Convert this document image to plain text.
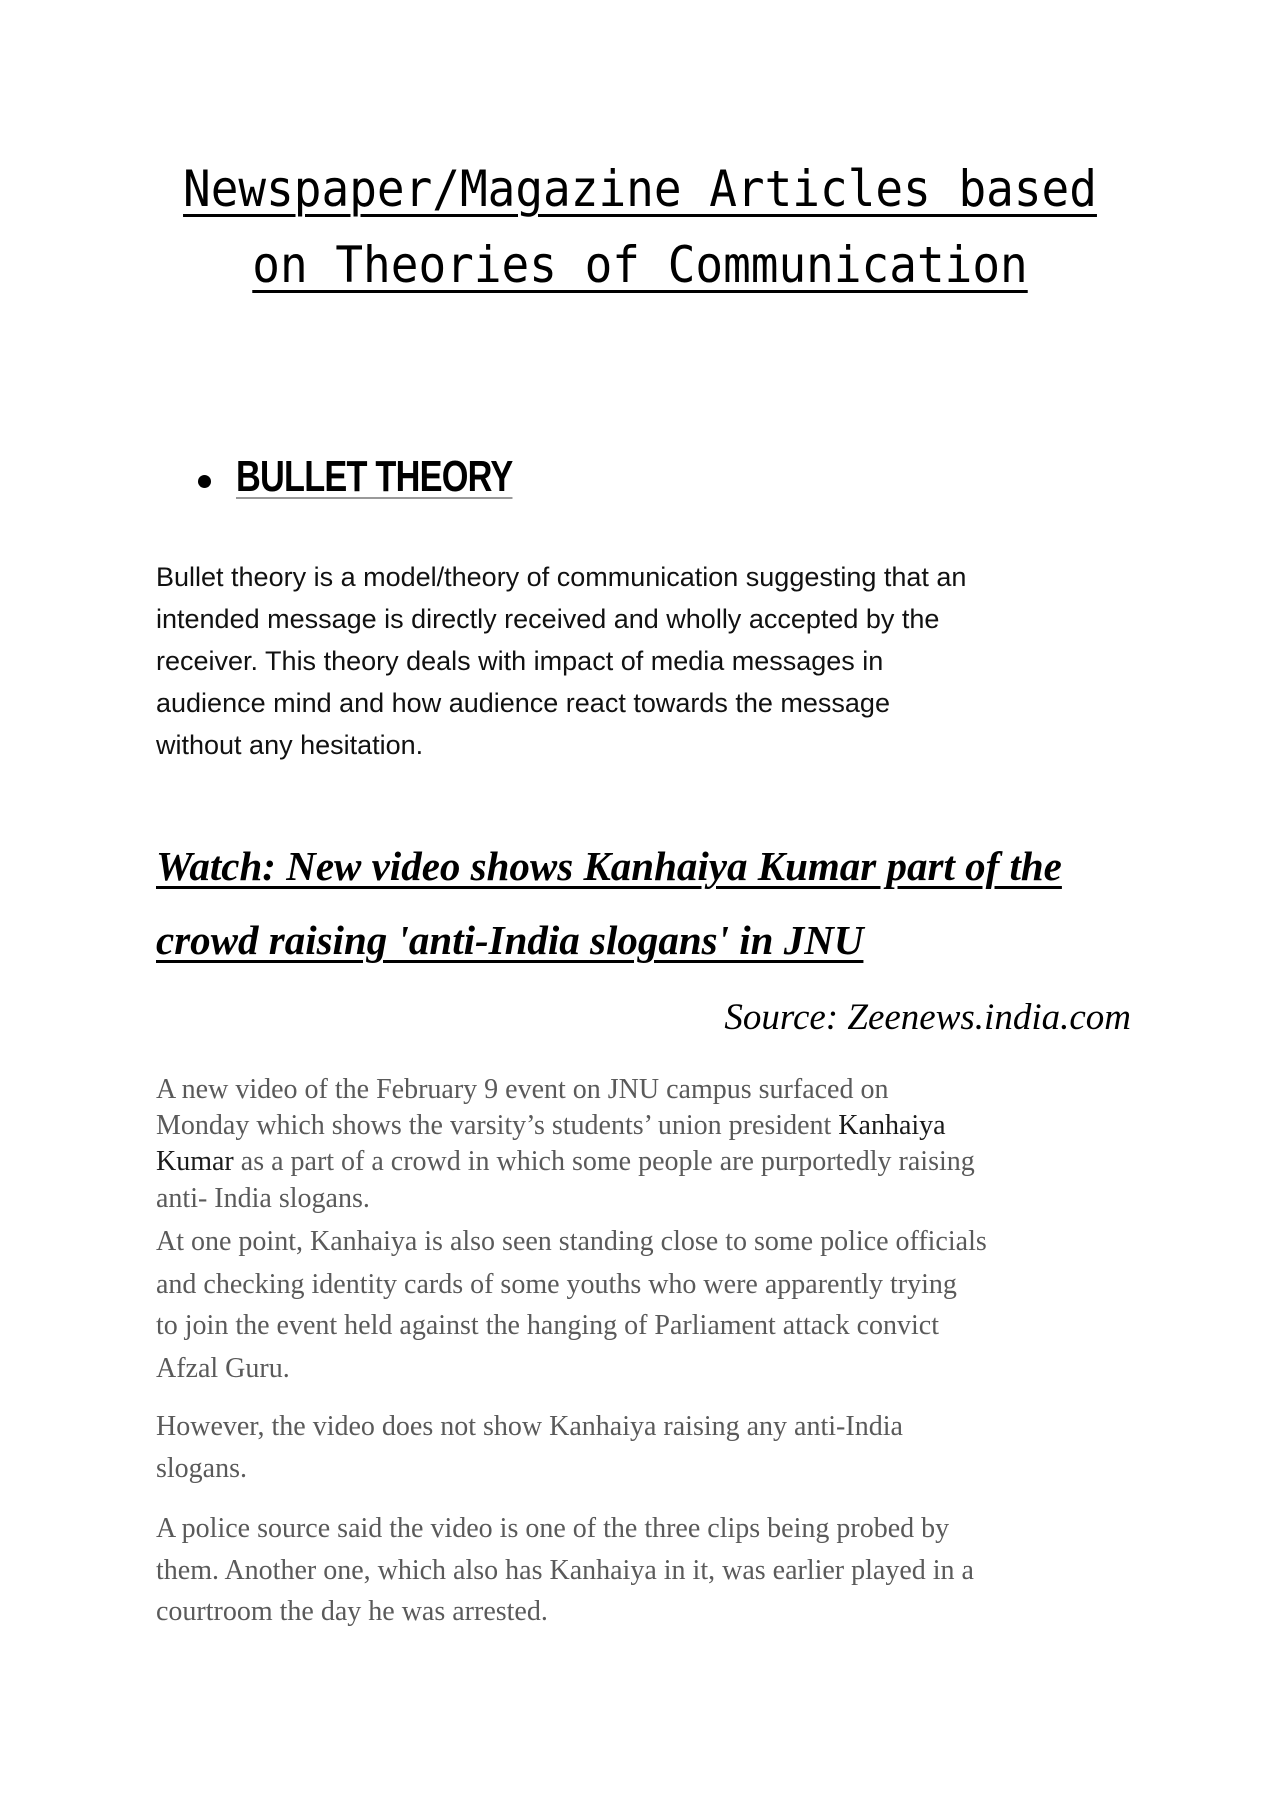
Newspaper/Magazine Articles based
on Theories of Communication
BULLET THEORY
Bullet theory is a model/theory of communication suggesting that an
intended message is directly received and wholly accepted by the
receiver. This theory deals with impact of media messages in
audience mind and how audience react towards the message
without any hesitation.
Watch: New video shows Kanhaiya Kumar part of the
crowd raising 'anti-India slogans' in JNU
Source: Zeenews.india.com
A new video of the February 9 event on JNU campus surfaced on
Monday which shows the varsity’s students’ union president Kanhaiya
Kumar as a part of a crowd in which some people are purportedly raising
anti- India slogans.
At one point, Kanhaiya is also seen standing close to some police officials
and checking identity cards of some youths who were apparently trying
to join the event held against the hanging of Parliament attack convict
Afzal Guru.
However, the video does not show Kanhaiya raising any anti-India
slogans.
A police source said the video is one of the three clips being probed by
them. Another one, which also has Kanhaiya in it, was earlier played in a
courtroom the day he was arrested.
